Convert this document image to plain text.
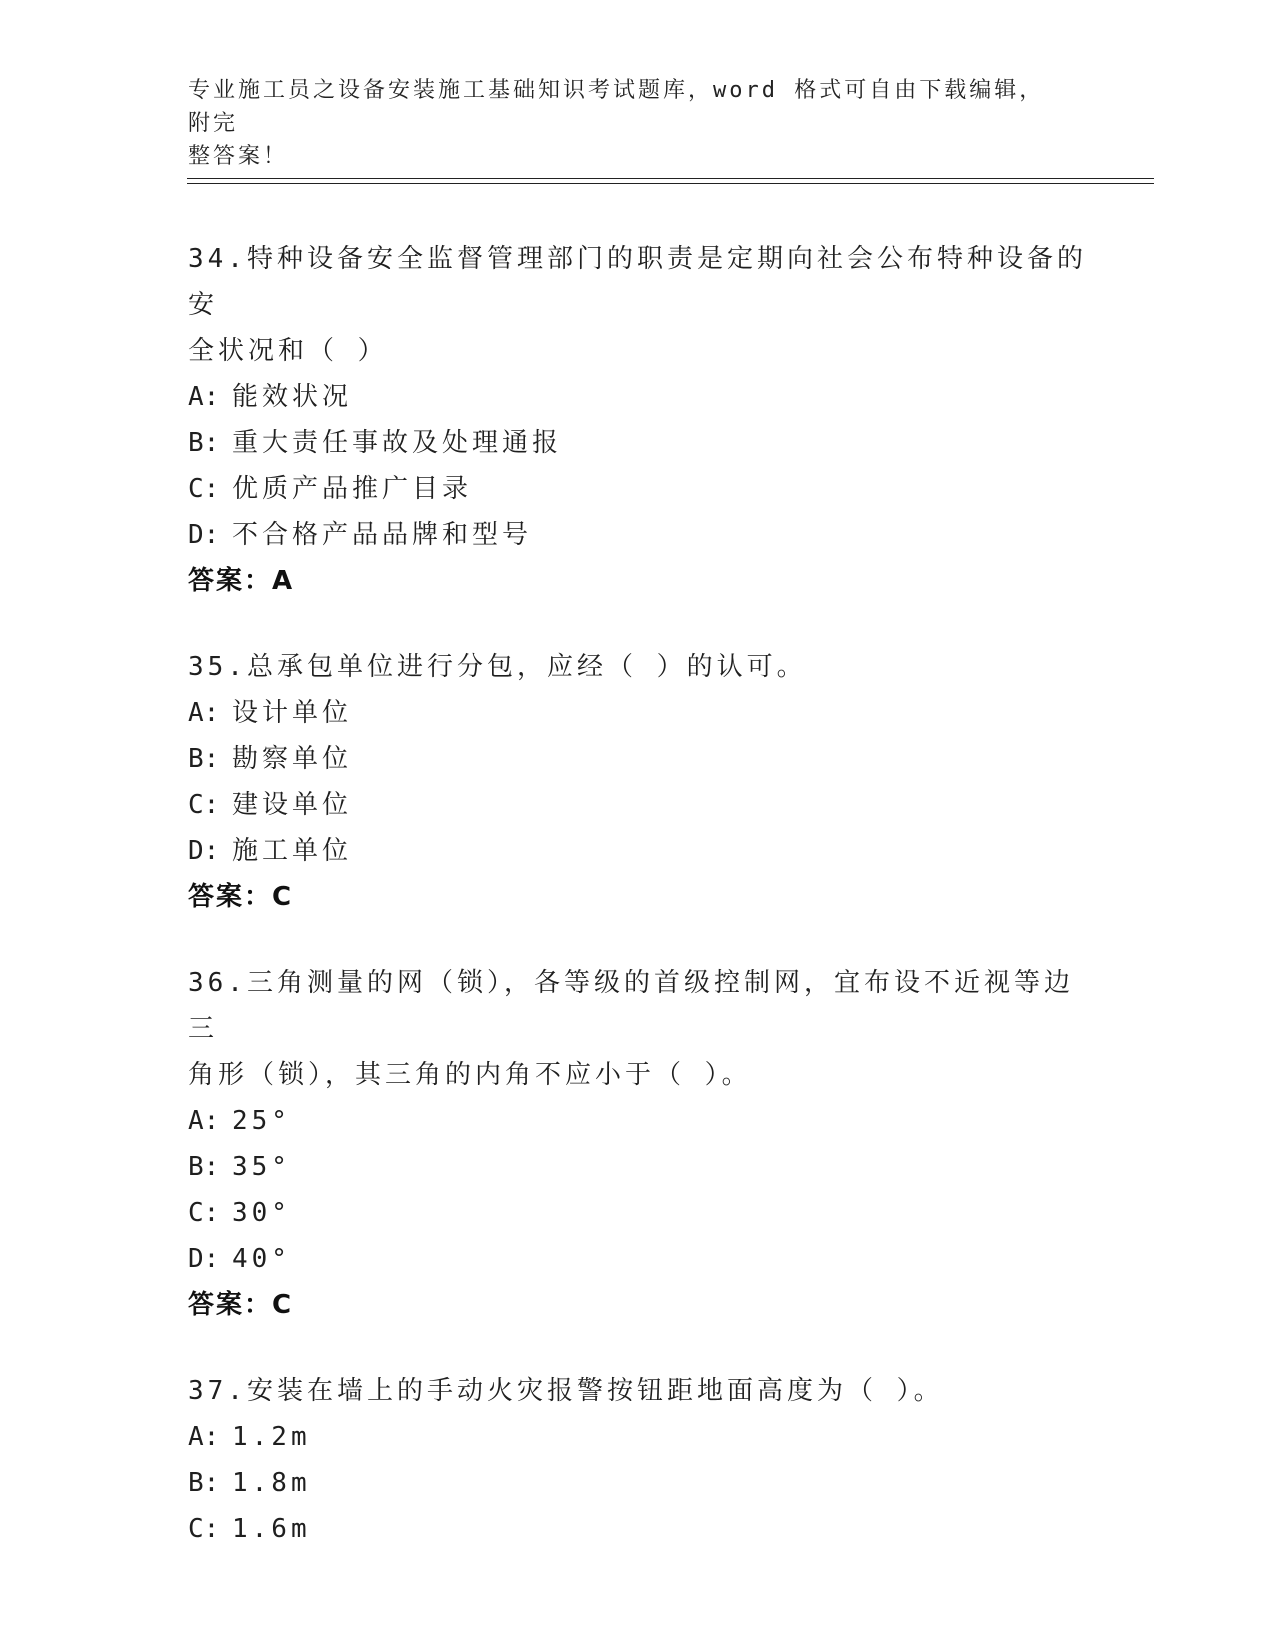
专业施工员之设备安装施工基础知识考试题库，word 格式可自由下载编辑，附完
整答案！
34.特种设备安全监督管理部门的职责是定期向社会公布特种设备的安
全状况和（ ）
A: 能效状况
B: 重大责任事故及处理通报
C: 优质产品推广目录
D: 不合格产品品牌和型号
答案：A
35.总承包单位进行分包，应经（ ）的认可。
A: 设计单位
B: 勘察单位
C: 建设单位
D: 施工单位
答案：C
36.三角测量的网（锁），各等级的首级控制网，宜布设不近视等边三
角形（锁），其三角的内角不应小于（ ）。
A: 25°
B: 35°
C: 30°
D: 40°
答案：C
37.安装在墙上的手动火灾报警按钮距地面高度为（ ）。
A: 1.2m
B: 1.8m
C: 1.6m
